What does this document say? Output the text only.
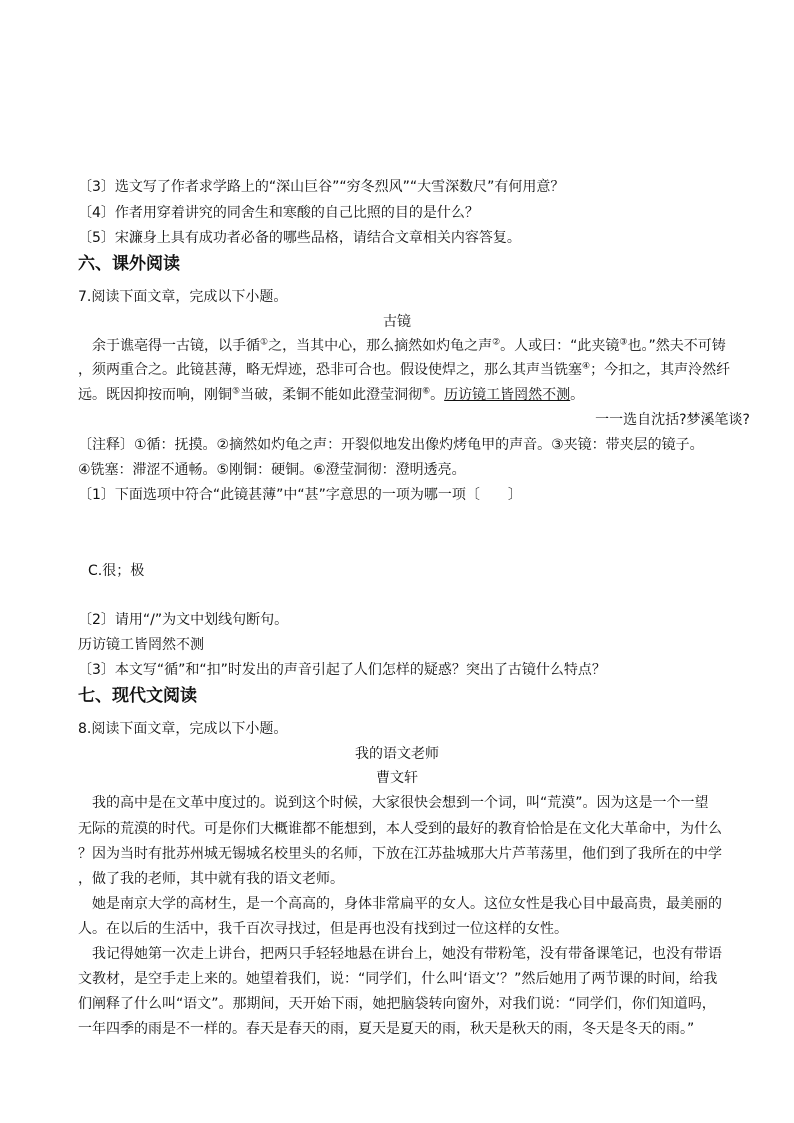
〔3〕选文写了作者求学路上的“深山巨谷”“穷冬烈风”“大雪深数尺”有何用意？
〔4〕作者用穿着讲究的同舍生和寒酸的自己比照的目的是什么？
〔5〕宋濂身上具有成功者必备的哪些品格，请结合文章相关内容答复。
六、课外阅读
7.阅读下面文章，完成以下小题。
古镜
余于谯亳得一古镜，以手循①之，当其中心，那么摘然如灼龟之声②。人或曰：“此夹镜③也。”然夫不可铸
，须两重合之。此镜甚薄，略无焊迹，恐非可合也。假设使焊之，那么其声当铣塞④；今扣之，其声泠然纤
远。既因抑按而响，刚铜⑤当破，柔铜不能如此澄莹洞彻⑥。历访镜工皆罔然不测。
一一选自沈括?梦溪笔谈?
〔注释〕①循：抚摸。②摘然如灼龟之声：开裂似地发出像灼烤龟甲的声音。③夹镜：带夹层的镜子。
④铣塞：滞涩不通畅。⑤刚铜：硬铜。⑥澄莹洞彻：澄明透亮。
〔1〕下面选项中符合“此镜甚薄”中“甚”字意思的一项为哪一项〔　　〕
C.很；极
〔2〕请用“/”为文中划线句断句。
历访镜工皆罔然不测
〔3〕本文写“循”和“扣”时发出的声音引起了人们怎样的疑惑？突出了古镜什么特点？
七、现代文阅读
8.阅读下面文章，完成以下小题。
我的语文老师
曹文轩
　我的高中是在文革中度过的。说到这个时候，大家很快会想到一个词，叫“荒漠”。因为这是一个一望
无际的荒漠的时代。可是你们大概谁都不能想到，本人受到的最好的教育恰恰是在文化大革命中，为什么
？因为当时有批苏州城无锡城名校里头的名师，下放在江苏盐城那大片芦苇荡里，他们到了我所在的中学
，做了我的老师，其中就有我的语文老师。
　她是南京大学的高材生，是一个高高的，身体非常扁平的女人。这位女性是我心目中最高贵，最美丽的
人。在以后的生活中，我千百次寻找过，但是再也没有找到过一位这样的女性。
　我记得她第一次走上讲台，把两只手轻轻地悬在讲台上，她没有带粉笔，没有带备课笔记，也没有带语
文教材，是空手走上来的。她望着我们，说：“同学们，什么叫‘语文’？”然后她用了两节课的时间，给我
们阐释了什么叫“语文”。那期间，天开始下雨，她把脑袋转向窗外，对我们说：“同学们，你们知道吗，
一年四季的雨是不一样的。春天是春天的雨，夏天是夏天的雨，秋天是秋天的雨，冬天是冬天的雨。”
